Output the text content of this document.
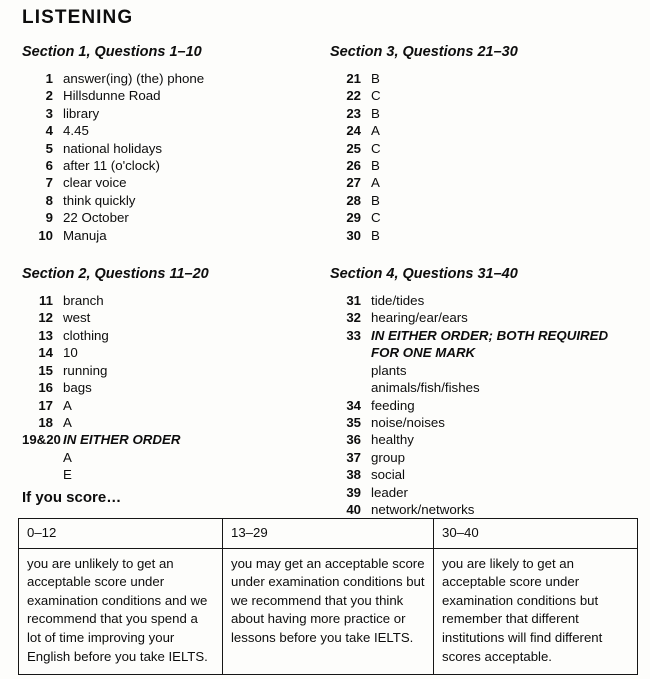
LISTENING
Section 1, Questions 1–10
1 answer(ing) (the) phone
2 Hillsdunne Road
3 library
4 4.45
5 national holidays
6 after 11 (o'clock)
7 clear voice
8 think quickly
9 22 October
10 Manuja
Section 2, Questions 11–20
11 branch
12 west
13 clothing
14 10
15 running
16 bags
17 A
18 A
19&20 IN EITHER ORDER
A
E
Section 3, Questions 21–30
21 B
22 C
23 B
24 A
25 C
26 B
27 A
28 B
29 C
30 B
Section 4, Questions 31–40
31 tide/tides
32 hearing/ear/ears
33 IN EITHER ORDER; BOTH REQUIRED
FOR ONE MARK
plants
animals/fish/fishes
34 feeding
35 noise/noises
36 healthy
37 group
38 social
39 leader
40 network/networks
If you score…
0–12	13–29	30–40
you are unlikely to get an acceptable score under examination conditions and we recommend that you spend a lot of time improving your English before you take IELTS.	you may get an acceptable score under examination conditions but we recommend that you think about having more practice or lessons before you take IELTS.	you are likely to get an acceptable score under examination conditions but remember that different institutions will find different scores acceptable.
